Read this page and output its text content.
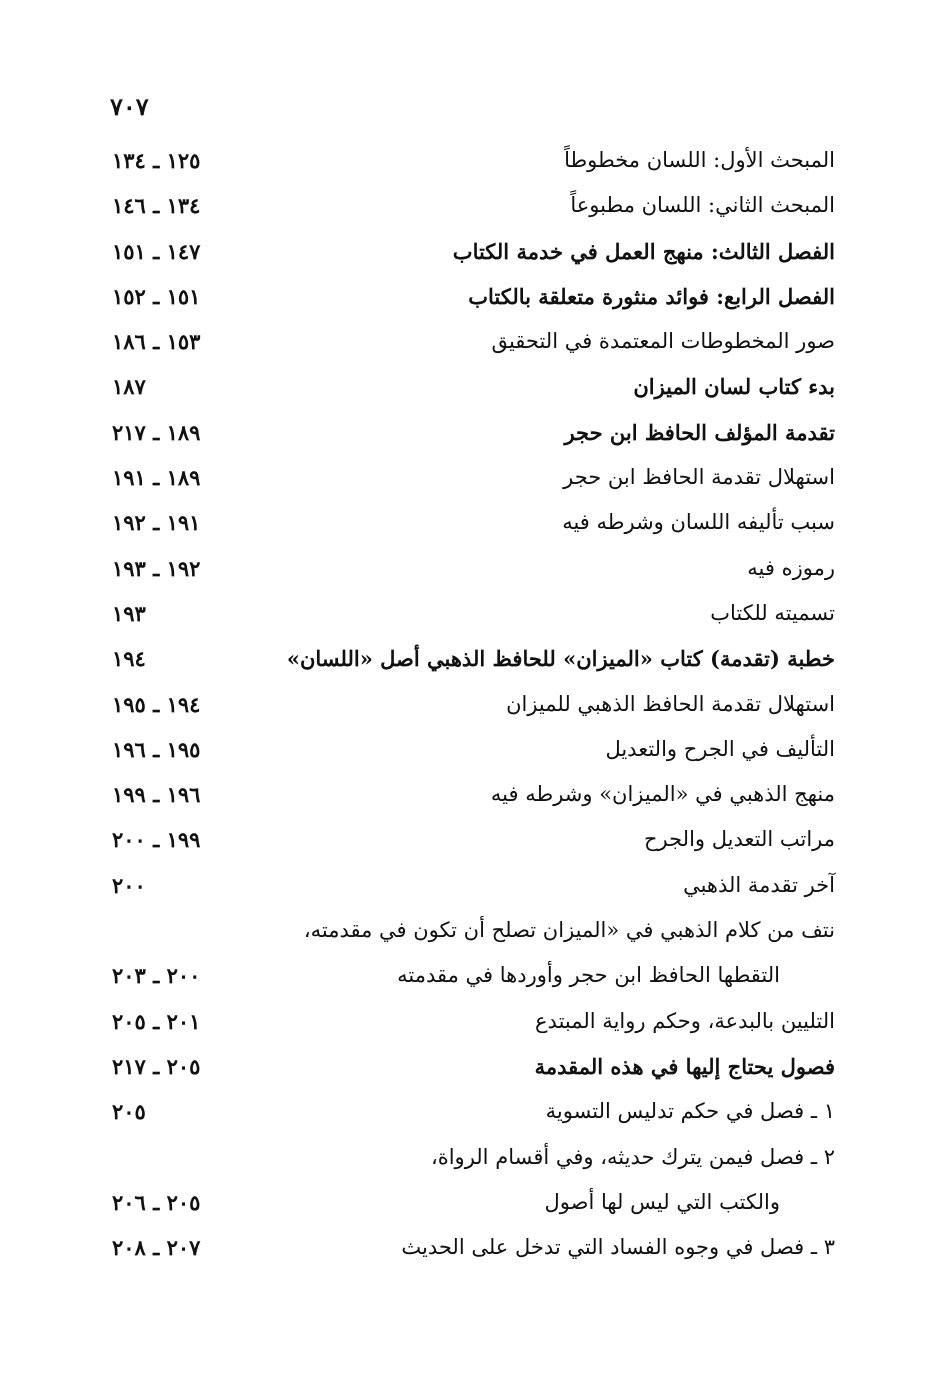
٧٠٧
المبحث الأول: اللسان مخطوطاً
١٢٥ ـ ١٣٤
المبحث الثاني: اللسان مطبوعاً
١٣٤ ـ ١٤٦
الفصل الثالث: منهج العمل في خدمة الكتاب
١٤٧ ـ ١٥١
الفصل الرابع: فوائد منثورة متعلقة بالكتاب
١٥١ ـ ١٥٢
صور المخطوطات المعتمدة في التحقيق
١٥٣ ـ ١٨٦
بدء كتاب لسان الميزان
١٨٧
تقدمة المؤلف الحافظ ابن حجر
١٨٩ ـ ٢١٧
استهلال تقدمة الحافظ ابن حجر
١٨٩ ـ ١٩١
سبب تأليفه اللسان وشرطه فيه
١٩١ ـ ١٩٢
رموزه فيه
١٩٢ ـ ١٩٣
تسميته للكتاب
١٩٣
خطبة (تقدمة) كتاب «الميزان» للحافظ الذهبي أصل «اللسان»
١٩٤
استهلال تقدمة الحافظ الذهبي للميزان
١٩٤ ـ ١٩٥
التأليف في الجرح والتعديل
١٩٥ ـ ١٩٦
منهج الذهبي في «الميزان» وشرطه فيه
١٩٦ ـ ١٩٩
مراتب التعديل والجرح
١٩٩ ـ ٢٠٠
آخر تقدمة الذهبي
٢٠٠
نتف من كلام الذهبي في «الميزان تصلح أن تكون في مقدمته،
التقطها الحافظ ابن حجر وأوردها في مقدمته
٢٠٠ ـ ٢٠٣
التليين بالبدعة، وحكم رواية المبتدع
٢٠١ ـ ٢٠٥
فصول يحتاج إليها في هذه المقدمة
٢٠٥ ـ ٢١٧
١ ـ فصل في حكم تدليس التسوية
٢٠٥
٢ ـ فصل فيمن يترك حديثه، وفي أقسام الرواة،
والكتب التي ليس لها أصول
٢٠٥ ـ ٢٠٦
٣ ـ فصل في وجوه الفساد التي تدخل على الحديث
٢٠٧ ـ ٢٠٨
